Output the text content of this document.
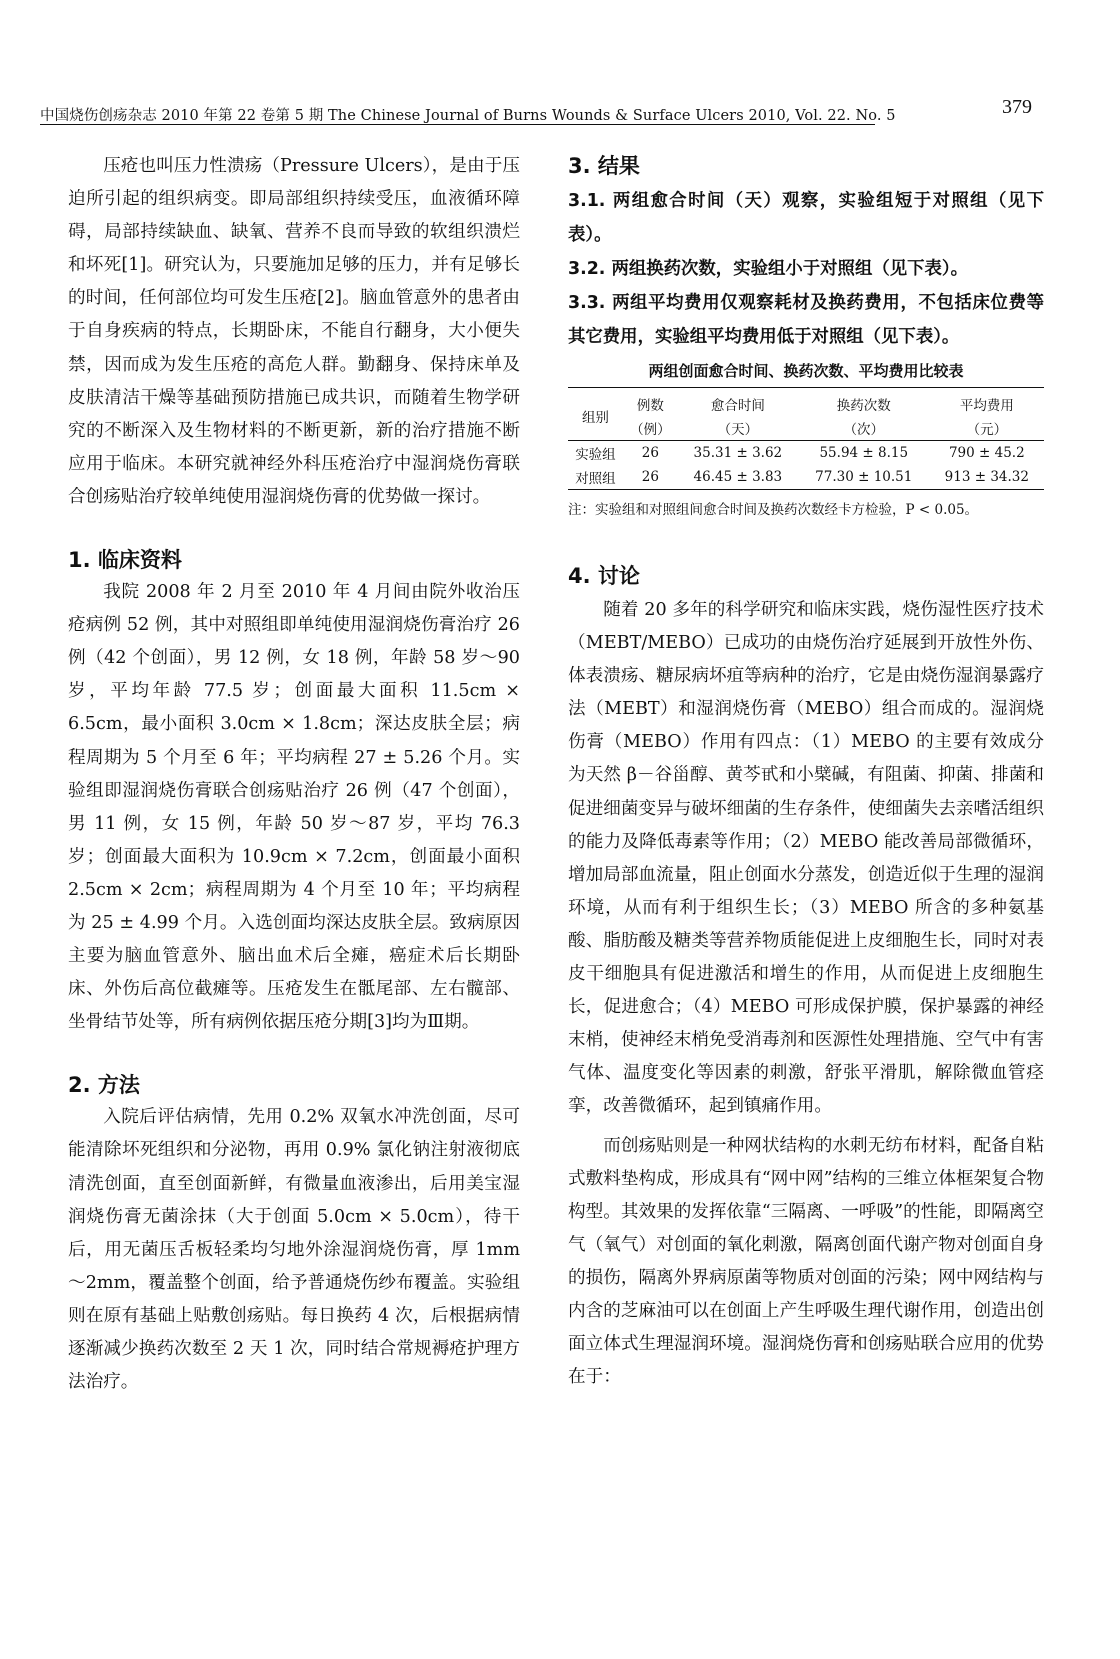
中国烧伤创疡杂志 2010 年第 22 卷第 5 期 The Chinese Journal of Burns Wounds & Surface Ulcers 2010, Vol. 22. No. 5	379

压疮也叫压力性溃疡（Pressure Ulcers），是由于压迫所引起的组织病变。即局部组织持续受压，血液循环障碍，局部持续缺血、缺氧、营养不良而导致的软组织溃烂和坏死[1]。研究认为，只要施加足够的压力，并有足够长的时间，任何部位均可发生压疮[2]。脑血管意外的患者由于自身疾病的特点，长期卧床，不能自行翻身，大小便失禁，因而成为发生压疮的高危人群。勤翻身、保持床单及皮肤清洁干燥等基础预防措施已成共识，而随着生物学研究的不断深入及生物材料的不断更新，新的治疗措施不断应用于临床。本研究就神经外科压疮治疗中湿润烧伤膏联合创疡贴治疗较单纯使用湿润烧伤膏的优势做一探讨。

1. 临床资料

我院 2008 年 2 月至 2010 年 4 月间由院外收治压疮病例 52 例，其中对照组即单纯使用湿润烧伤膏治疗 26 例（42 个创面），男 12 例，女 18 例，年龄 58 岁～90 岁，平均年龄 77.5 岁；创面最大面积 11.5cm × 6.5cm，最小面积 3.0cm × 1.8cm；深达皮肤全层；病程周期为 5 个月至 6 年；平均病程 27 ± 5.26 个月。实验组即湿润烧伤膏联合创疡贴治疗 26 例（47 个创面），男 11 例，女 15 例，年龄 50 岁～87 岁，平均 76.3 岁；创面最大面积为 10.9cm × 7.2cm，创面最小面积 2.5cm × 2cm；病程周期为 4 个月至 10 年；平均病程为 25 ± 4.99 个月。入选创面均深达皮肤全层。致病原因主要为脑血管意外、脑出血术后全瘫，癌症术后长期卧床、外伤后高位截瘫等。压疮发生在骶尾部、左右髋部、坐骨结节处等，所有病例依据压疮分期[3]均为Ⅲ期。

2. 方法

入院后评估病情，先用 0.2% 双氧水冲洗创面，尽可能清除坏死组织和分泌物，再用 0.9% 氯化钠注射液彻底清洗创面，直至创面新鲜，有微量血液渗出，后用美宝湿润烧伤膏无菌涂抹（大于创面 5.0cm × 5.0cm），待干后，用无菌压舌板轻柔均匀地外涂湿润烧伤膏，厚 1mm～2mm，覆盖整个创面，给予普通烧伤纱布覆盖。实验组则在原有基础上贴敷创疡贴。每日换药 4 次，后根据病情逐渐减少换药次数至 2 天 1 次，同时结合常规褥疮护理方法治疗。

3. 结果

3.1. 两组愈合时间（天）观察，实验组短于对照组（见下表）。

3.2. 两组换药次数，实验组小于对照组（见下表）。

3.3. 两组平均费用仅观察耗材及换药费用，不包括床位费等其它费用，实验组平均费用低于对照组（见下表）。

两组创面愈合时间、换药次数、平均费用比较表
组别	例数	愈合时间	换药次数	平均费用
	（例）	（天）	（次）	（元）
实验组	26	35.31 ± 3.62	55.94 ± 8.15	790 ± 45.2
对照组	26	46.45 ± 3.83	77.30 ± 10.51	913 ± 34.32

注：实验组和对照组间愈合时间及换药次数经卡方检验，P < 0.05。

4. 讨论

随着 20 多年的科学研究和临床实践，烧伤湿性医疗技术（MEBT/MEBO）已成功的由烧伤治疗延展到开放性外伤、体表溃疡、糖尿病坏疽等病种的治疗，它是由烧伤湿润暴露疗法（MEBT）和湿润烧伤膏（MEBO）组合而成的。湿润烧伤膏（MEBO）作用有四点：（1）MEBO 的主要有效成分为天然 β－谷甾醇、黄芩甙和小檗碱，有阻菌、抑菌、排菌和促进细菌变异与破坏细菌的生存条件，使细菌失去亲嗜活组织的能力及降低毒素等作用；（2）MEBO 能改善局部微循环，增加局部血流量，阻止创面水分蒸发，创造近似于生理的湿润环境，从而有利于组织生长；（3）MEBO 所含的多种氨基酸、脂肪酸及糖类等营养物质能促进上皮细胞生长，同时对表皮干细胞具有促进激活和增生的作用，从而促进上皮细胞生长，促进愈合；（4）MEBO 可形成保护膜，保护暴露的神经末梢，使神经末梢免受消毒剂和医源性处理措施、空气中有害气体、温度变化等因素的刺激，舒张平滑肌，解除微血管痉挛，改善微循环，起到镇痛作用。

而创疡贴则是一种网状结构的水刺无纺布材料，配备自粘式敷料垫构成，形成具有“网中网”结构的三维立体框架复合物构型。其效果的发挥依靠“三隔离、一呼吸”的性能，即隔离空气（氧气）对创面的氧化刺激，隔离创面代谢产物对创面自身的损伤，隔离外界病原菌等物质对创面的污染；网中网结构与内含的芝麻油可以在创面上产生呼吸生理代谢作用，创造出创面立体式生理湿润环境。湿润烧伤膏和创疡贴联合应用的优势在于：
